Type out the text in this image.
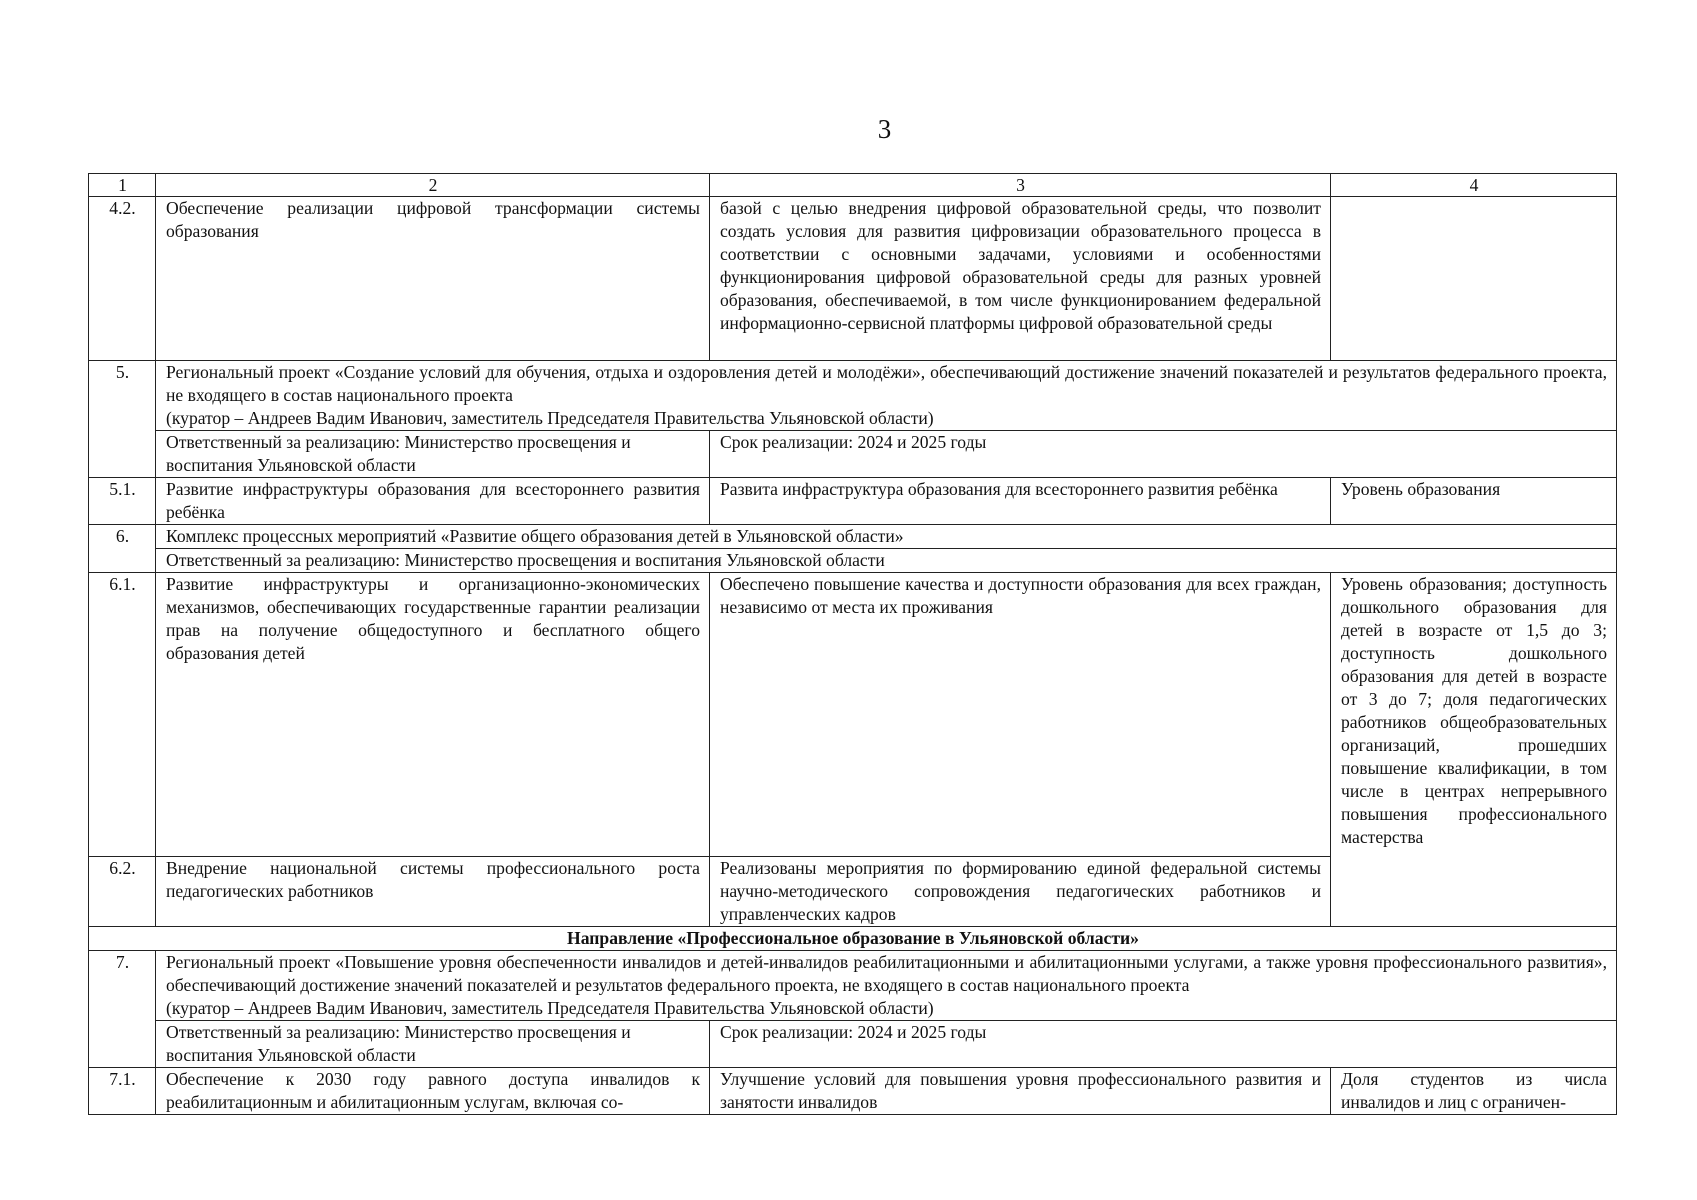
3
1	2	3	4
4.2.	Обеспечение реализации цифровой трансформации системы образования	базой с целью внедрения цифровой образовательной среды, что позволит создать условия для развития цифровизации образовательного процесса в соответствии с основными задачами, условиями и особенностями функционирования цифровой образовательной среды для разных уровней образования, обеспечиваемой, в том числе функционированием федеральной информационно-сервисной платформы цифровой образовательной среды	
5.	Региональный проект «Создание условий для обучения, отдыха и оздоровления детей и молодёжи», обеспечивающий достижение значений показателей и результатов федерального проекта, не входящего в состав национального проекта
(куратор – Андреев Вадим Иванович, заместитель Председателя Правительства Ульяновской области)		

	Ответственный за реализацию: Министерство просвещения и воспитания Ульяновской области	Срок реализации: 2024 и 2025 годы	
5.1.	Развитие инфраструктуры образования для всестороннего развития ребёнка	Развита инфраструктура образования для всестороннего развития ребёнка	Уровень образования
6.	Комплекс процессных мероприятий «Развитие общего образования детей в Ульяновской области»		
	Ответственный за реализацию: Министерство просвещения и воспитания Ульяновской области		
6.1.	Развитие инфраструктуры и организационно-экономических механизмов, обеспечивающих государственные гарантии реализации прав на получение общедоступного и бесплатного общего образования детей	Обеспечено повышение качества и доступности образования для всех граждан, независимо от места их проживания	Уровень образования; доступность дошкольного образования для детей в возрасте от 1,5 до 3; доступность дошкольного образования для детей в возрасте от 3 до 7; доля педагогических работников общеобразовательных организаций, прошедших повышение квалификации, в том числе в центрах непрерывного повышения профессионального мастерства
6.2.	Внедрение национальной системы профессионального роста педагогических работников	Реализованы мероприятия по формированию единой федеральной системы научно-методического сопровождения педагогических работников и управленческих кадров	
Направление «Профессиональное образование в Ульяновской области»			
7.	Региональный проект «Повышение уровня обеспеченности инвалидов и детей-инвалидов реабилитационными и абилитационными услугами, а также уровня профессионального развития», обеспечивающий достижение значений показателей и результатов федерального проекта, не входящего в состав национального проекта
(куратор – Андреев Вадим Иванович, заместитель Председателя Правительства Ульяновской области)		

	Ответственный за реализацию: Министерство просвещения и воспитания Ульяновской области	Срок реализации: 2024 и 2025 годы	
7.1.	Обеспечение к 2030 году равного доступа инвалидов к реабилитационным и абилитационным услугам, включая со-	Улучшение условий для повышения уровня профессионального развития и занятости инвалидов	Доля студентов из числа инвалидов и лиц с ограничен-
